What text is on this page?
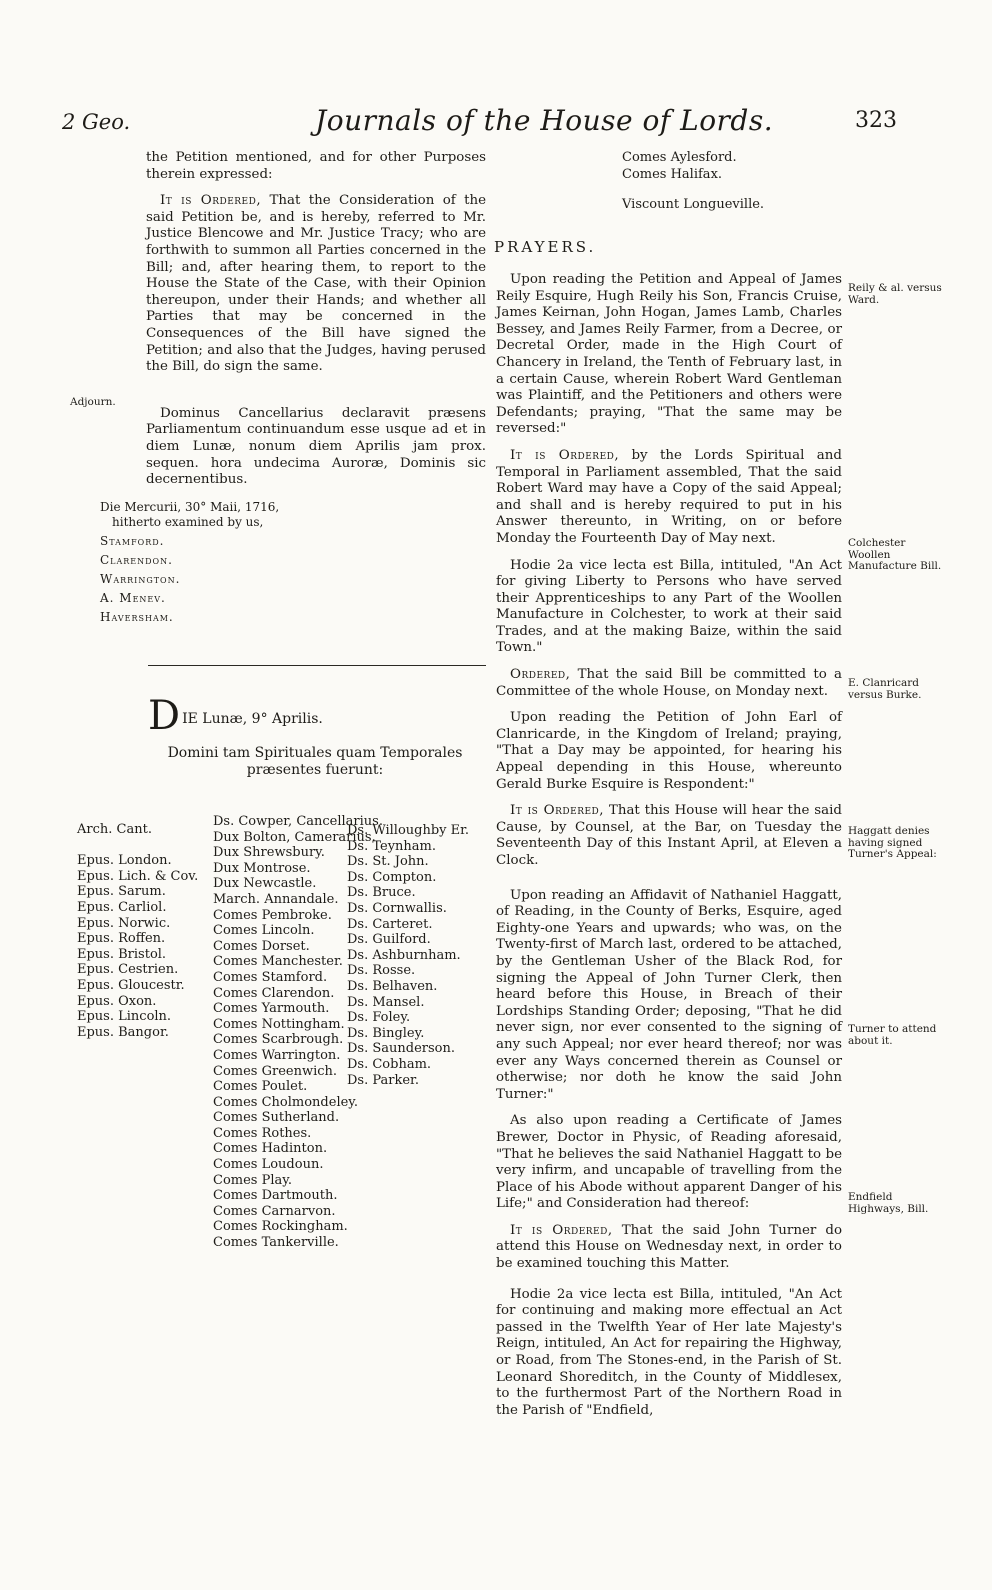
2 Geo.	Journals of the House of Lords.	323

the Petition mentioned, and for other Purposes therein expressed:

It is Ordered, That the Consideration of the said Petition be, and is hereby, referred to Mr. Justice Blencowe and Mr. Justice Tracy; who are forthwith to summon all Parties concerned in the Bill; and, after hearing them, to report to the House the State of the Case, with their Opinion thereupon, under their Hands; and whether all Parties that may be concerned in the Consequences of the Bill have signed the Petition; and also that the Judges, having perused the Bill, do sign the same.

Dominus Cancellarius declaravit præsens Parliamentum continuandum esse usque ad et in diem Lunæ, nonum diem Aprilis jam prox. sequen. hora undecima Auroræ, Dominis sic decernentibus.

Adjourn.
Die Mercurii, 30° Maii, 1716,
hitherto examined by us,
Stamford.
Clarendon.
Warrington.
A. Menev.
Haversham.
DIE Lunæ, 9° Aprilis.
Domini tam Spirituales quam Temporales præsentes fuerunt:
Arch. Cant.

Epus. London.
Epus. Lich. & Cov.
Epus. Sarum.
Epus. Carliol.
Epus. Norwic.
Epus. Roffen.
Epus. Bristol.
Epus. Cestrien.
Epus. Gloucestr.
Epus. Oxon.
Epus. Lincoln.
Epus. Bangor.
Ds. Cowper, Cancellarius.
Dux Bolton, Camerarius.
Dux Shrewsbury.
Dux Montrose.
Dux Newcastle.
March. Annandale.
Comes Pembroke.
Comes Lincoln.
Comes Dorset.
Comes Manchester.
Comes Stamford.
Comes Clarendon.
Comes Yarmouth.
Comes Nottingham.
Comes Scarbrough.
Comes Warrington.
Comes Greenwich.
Comes Poulet.
Comes Cholmondeley.
Comes Sutherland.
Comes Rothes.
Comes Hadinton.
Comes Loudoun.
Comes Play.
Comes Dartmouth.
Comes Carnarvon.
Comes Rockingham.
Comes Tankerville.
Ds. Willoughby Er.
Ds. Teynham.
Ds. St. John.
Ds. Compton.
Ds. Bruce.
Ds. Cornwallis.
Ds. Carteret.
Ds. Guilford.
Ds. Ashburnham.
Ds. Rosse.
Ds. Belhaven.
Ds. Mansel.
Ds. Foley.
Ds. Bingley.
Ds. Saunderson.
Ds. Cobham.
Ds. Parker.
Comes Aylesford.
Comes Halifax.
Viscount Longueville.
PRAYERS.

Upon reading the Petition and Appeal of James Reily Esquire, Hugh Reily his Son, Francis Cruise, James Keirnan, John Hogan, James Lamb, Charles Bessey, and James Reily Farmer, from a Decree, or Decretal Order, made in the High Court of Chancery in Ireland, the Tenth of February last, in a certain Cause, wherein Robert Ward Gentleman was Plaintiff, and the Petitioners and others were Defendants; praying, "That the same may be reversed:"

It is Ordered, by the Lords Spiritual and Temporal in Parliament assembled, That the said Robert Ward may have a Copy of the said Appeal; and shall and is hereby required to put in his Answer thereunto, in Writing, on or before Monday the Fourteenth Day of May next.

Hodie 2a vice lecta est Billa, intituled, "An Act for giving Liberty to Persons who have served their Apprenticeships to any Part of the Woollen Manufacture in Colchester, to work at their said Trades, and at the making Baize, within the said Town."

Ordered, That the said Bill be committed to a Committee of the whole House, on Monday next.

Upon reading the Petition of John Earl of Clanricarde, in the Kingdom of Ireland; praying, "That a Day may be appointed, for hearing his Appeal depending in this House, whereunto Gerald Burke Esquire is Respondent:"

It is Ordered, That this House will hear the said Cause, by Counsel, at the Bar, on Tuesday the Seventeenth Day of this Instant April, at Eleven a Clock.

Upon reading an Affidavit of Nathaniel Haggatt, of Reading, in the County of Berks, Esquire, aged Eighty-one Years and upwards; who was, on the Twenty-first of March last, ordered to be attached, by the Gentleman Usher of the Black Rod, for signing the Appeal of John Turner Clerk, then heard before this House, in Breach of their Lordships Standing Order; deposing, "That he did never sign, nor ever consented to the signing of any such Appeal; nor ever heard thereof; nor was ever any Ways concerned therein as Counsel or otherwise; nor doth he know the said John Turner:"

As also upon reading a Certificate of James Brewer, Doctor in Physic, of Reading aforesaid, "That he believes the said Nathaniel Haggatt to be very infirm, and uncapable of travelling from the Place of his Abode without apparent Danger of his Life;" and Consideration had thereof:

It is Ordered, That the said John Turner do attend this House on Wednesday next, in order to be examined touching this Matter.

Hodie 2a vice lecta est Billa, intituled, "An Act for continuing and making more effectual an Act passed in the Twelfth Year of Her late Majesty's Reign, intituled, An Act for repairing the Highway, or Road, from The Stones-end, in the Parish of St. Leonard Shoreditch, in the County of Middlesex, to the furthermost Part of the Northern Road in the Parish of "Endfield,

Reily & al. versus Ward.
Colchester Woollen Manufacture Bill.
E. Clanricard versus Burke.
Haggatt denies having signed Turner's Appeal:
Turner to attend about it.
Endfield Highways, Bill.
